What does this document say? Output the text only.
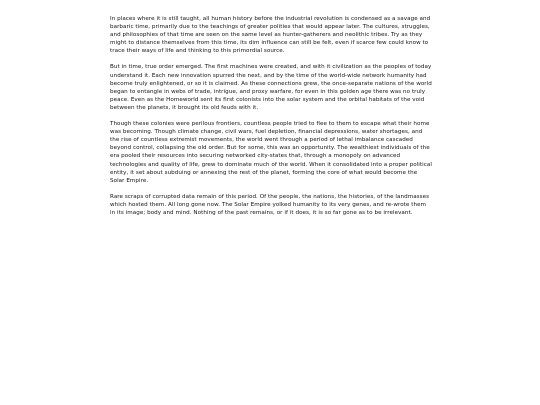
In places where it is still taught, all human history before the industrial revolution is condensed as a savage and barbaric time, primarily due to the teachings of greater polities that would appear later. The cultures, struggles, and philosophies of that time are seen on the same level as hunter-gatherers and neolithic tribes. Try as they might to distance themselves from this time, its dim influence can still be felt, even if scarce few could know to trace their ways of life and thinking to this primordial source.

But in time, true order emerged. The first machines were created, and with it civilization as the peoples of today understand it. Each new innovation spurred the next, and by the time of the world-wide network humanity had become truly enlightened, or so it is claimed. As these connections grew, the once-separate nations of the world began to entangle in webs of trade, intrigue, and proxy warfare, for even in this golden age there was no truly peace. Even as the Homeworld sent its first colonists into the solar system and the orbital habitats of the void between the planets, it brought its old feuds with it.

Though these colonies were perilous frontiers, countless people tried to flee to them to escape what their home was becoming. Though climate change, civil wars, fuel depletion, financial depressions, water shortages, and the rise of countless extremist movements, the world went through a period of lethal imbalance cascaded beyond control, collapsing the old order. But for some, this was an opportunity. The wealthiest individuals of the era pooled their resources into securing networked city-states that, through a monopoly on advanced technologies and quality of life, grew to dominate much of the world. When it consolidated into a proper political entity, it set about subduing or annexing the rest of the planet, forming the core of what would become the Solar Empire.

Rare scraps of corrupted data remain of this period. Of the people, the nations, the histories, of the landmasses which hosted them. All long gone now. The Solar Empire yolked humanity to its very genes, and re-wrote them in its image; body and mind. Nothing of the past remains, or if it does, it is so far gone as to be irrelevant.
